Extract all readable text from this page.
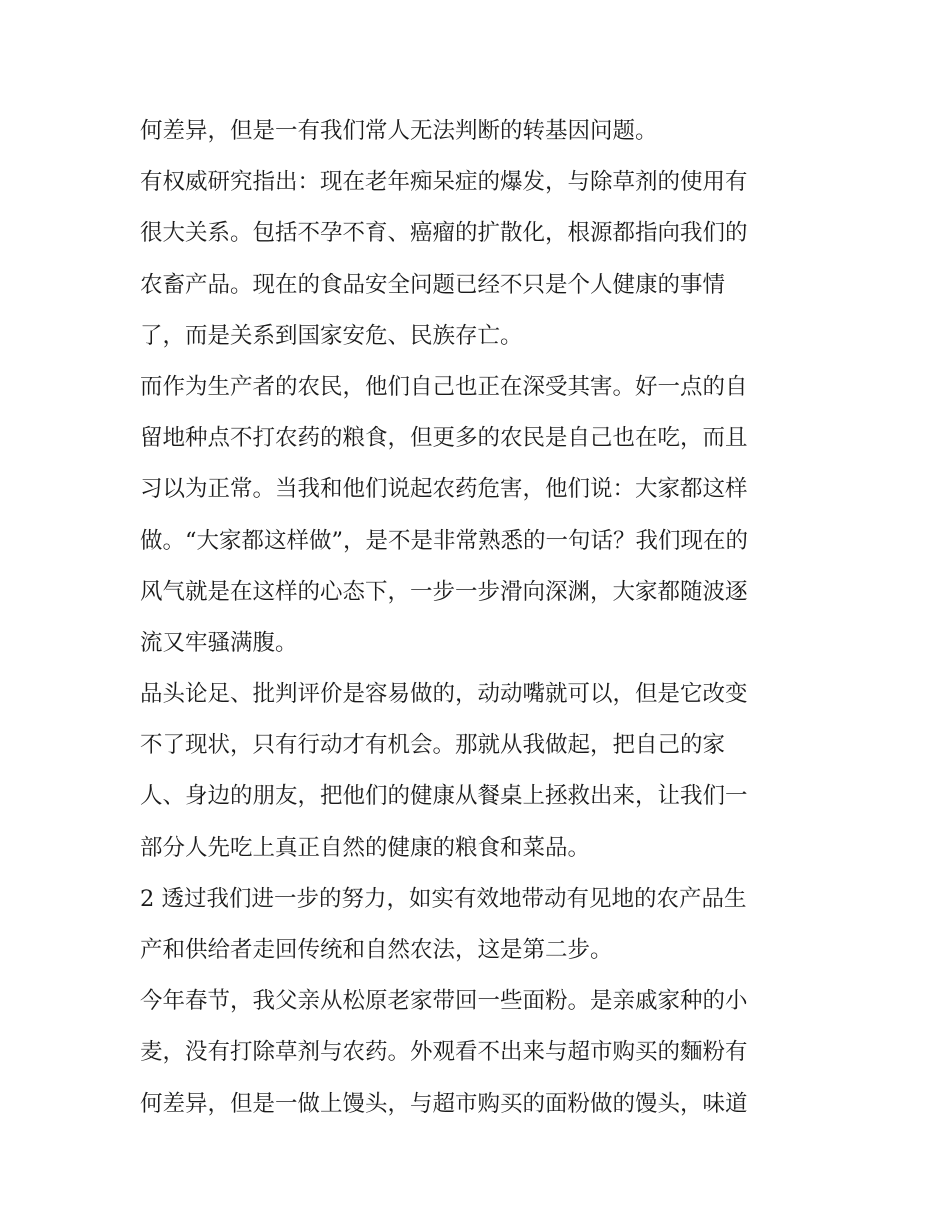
何差异，但是一有我们常人无法判断的转基因问题。
有权威研究指出：现在老年痴呆症的爆发，与除草剂的使用有
很大关系。包括不孕不育、癌瘤的扩散化，根源都指向我们的
农畜产品。现在的食品安全问题已经不只是个人健康的事情
了，而是关系到国家安危、民族存亡。
而作为生产者的农民，他们自己也正在深受其害。好一点的自
留地种点不打农药的粮食，但更多的农民是自己也在吃，而且
习以为正常。当我和他们说起农药危害，他们说：大家都这样
做。“大家都这样做”，是不是非常熟悉的一句话？我们现在的
风气就是在这样的心态下，一步一步滑向深渊，大家都随波逐
流又牢骚满腹。
品头论足、批判评价是容易做的，动动嘴就可以，但是它改变
不了现状，只有行动才有机会。那就从我做起，把自己的家
人、身边的朋友，把他们的健康从餐桌上拯救出来，让我们一
部分人先吃上真正自然的健康的粮食和菜品。
2 透过我们进一步的努力，如实有效地带动有见地的农产品生
产和供给者走回传统和自然农法，这是第二步。
今年春节，我父亲从松原老家带回一些面粉。是亲戚家种的小
麦，没有打除草剂与农药。外观看不出来与超市购买的麵粉有
何差异，但是一做上馒头，与超市购买的面粉做的馒头，味道
